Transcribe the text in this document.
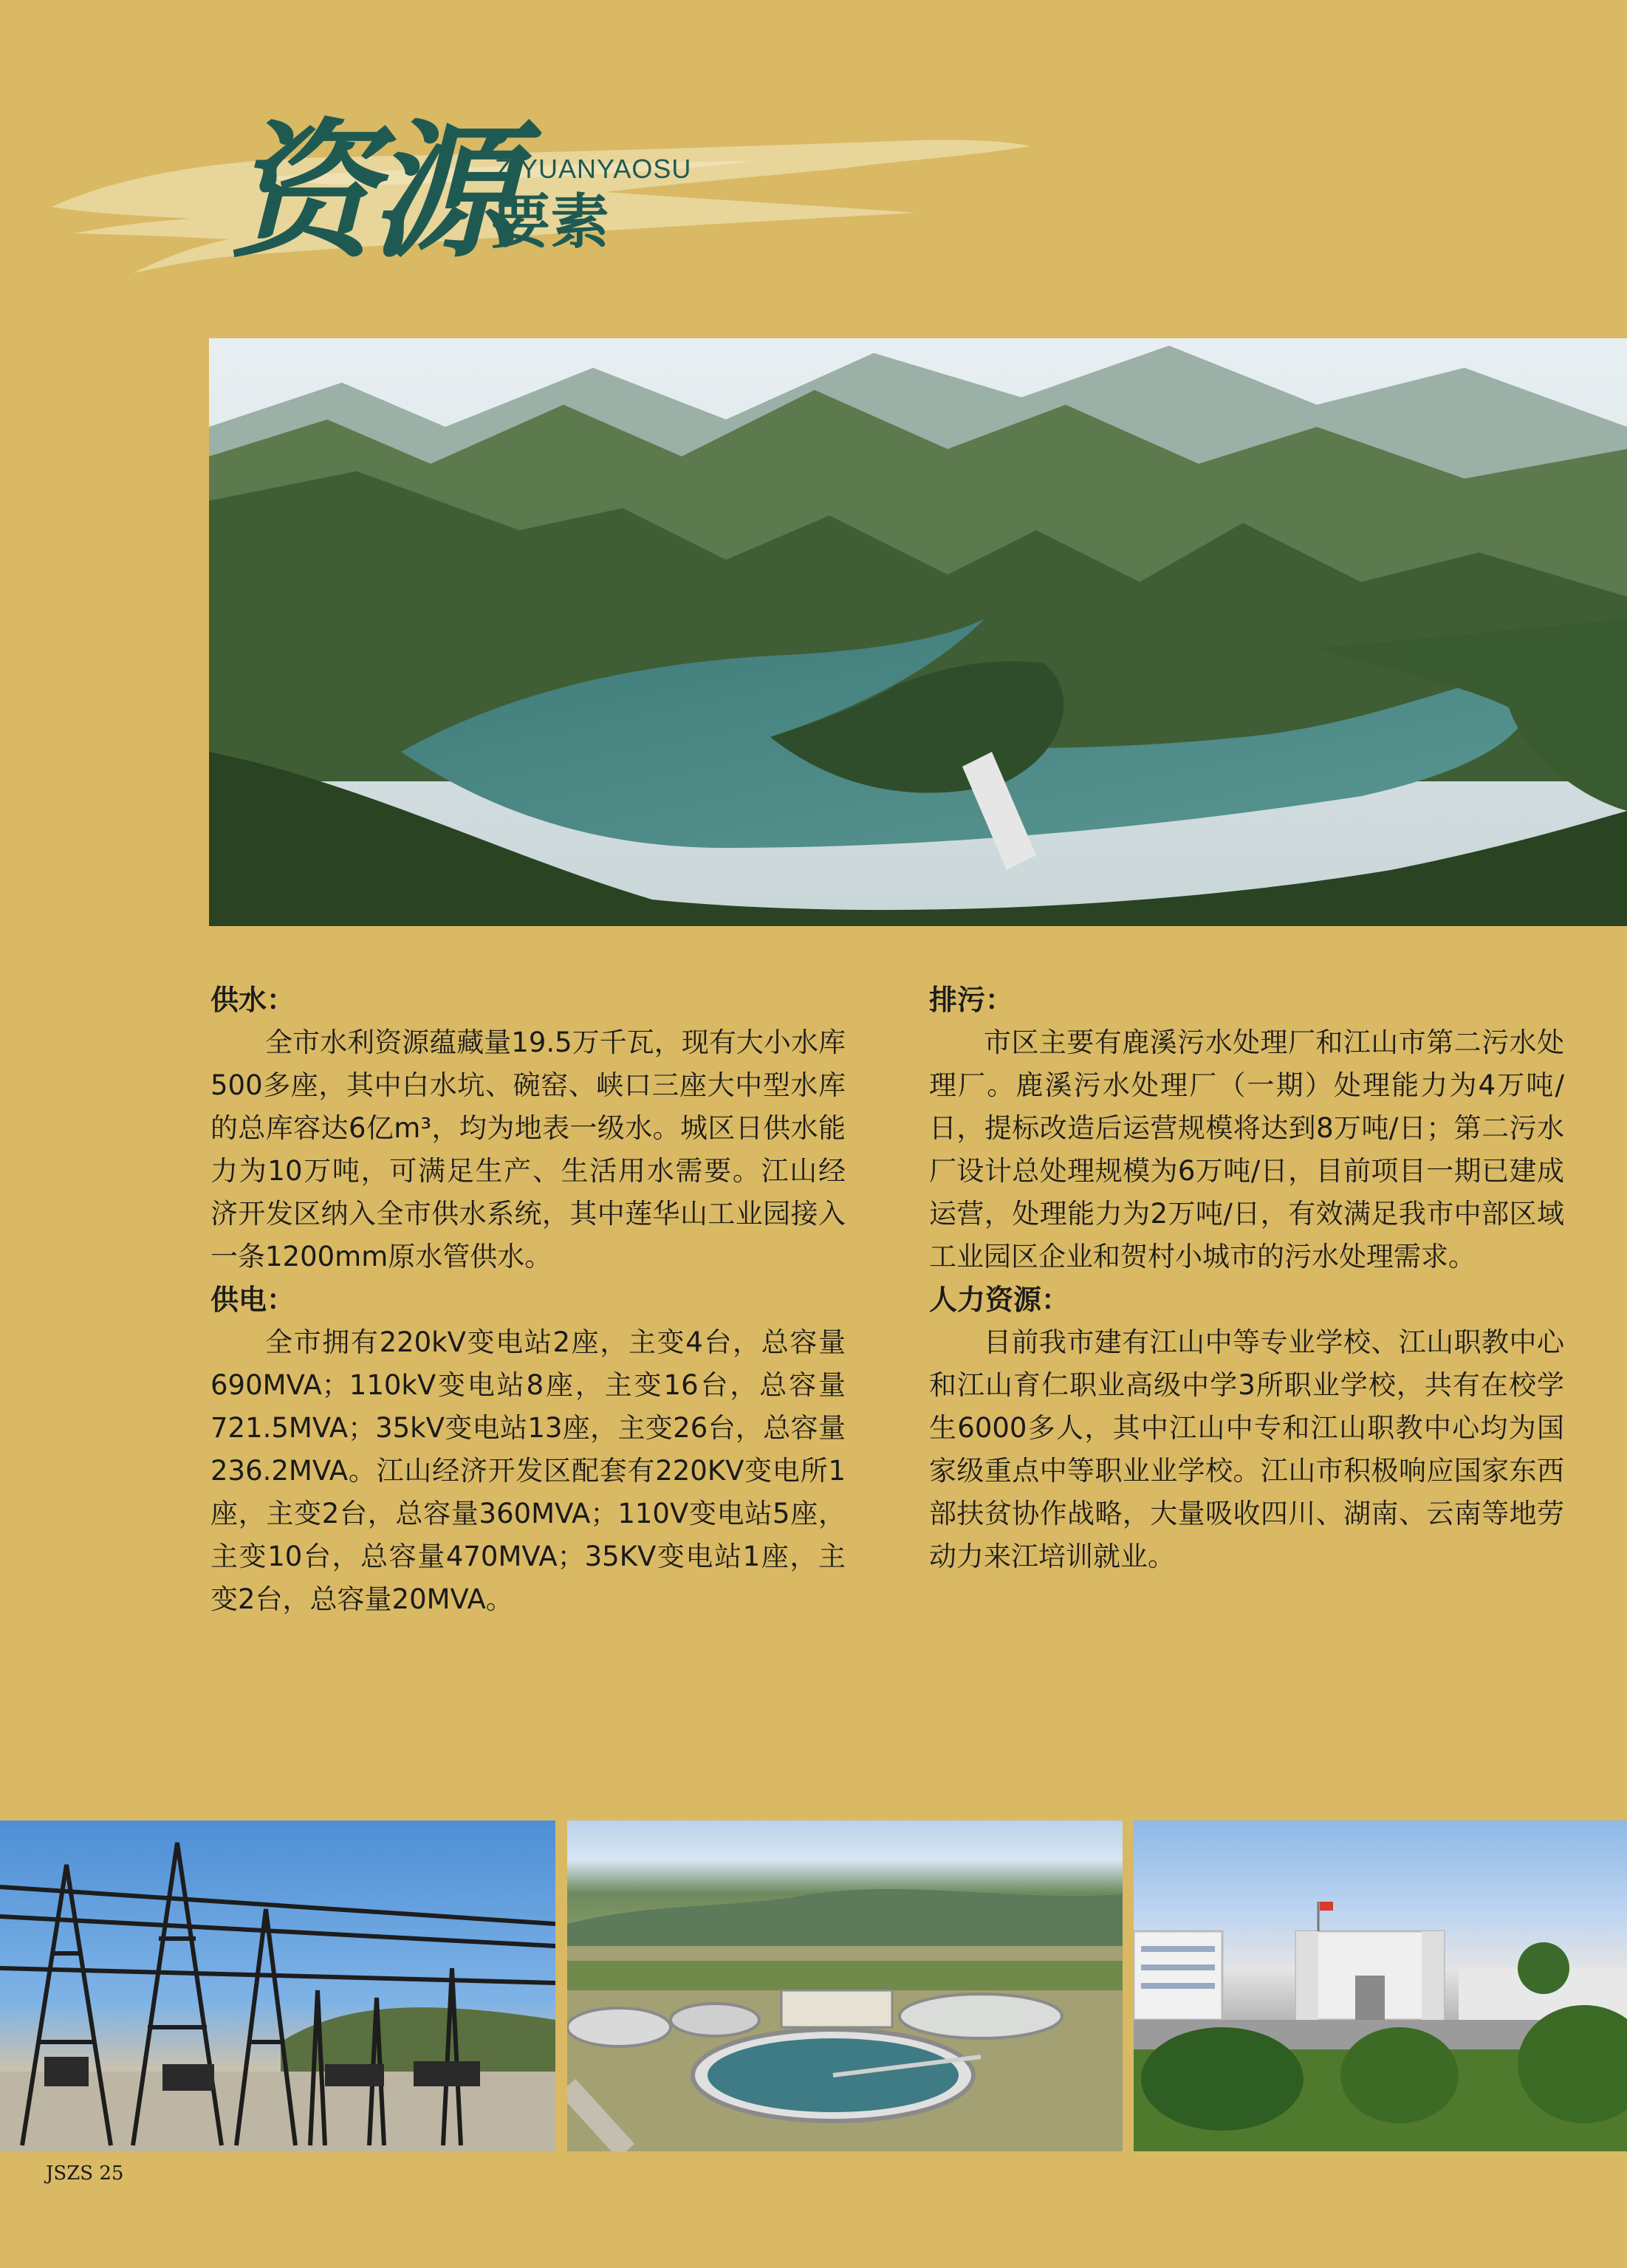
资源
ZIYUANYAOSU
要素

供水：

全市水利资源蕴藏量19.5万千瓦，现有大小水库500多座，其中白水坑、碗窑、峡口三座大中型水库的总库容达6亿m³，均为地表一级水。城区日供水能力为10万吨，可满足生产、生活用水需要。江山经济开发区纳入全市供水系统，其中莲华山工业园接入一条1200mm原水管供水。

供电：

全市拥有220kV变电站2座，主变4台，总容量690MVA；110kV变电站8座，主变16台，总容量721.5MVA；35kV变电站13座，主变26台，总容量236.2MVA。江山经济开发区配套有220KV变电所1座，主变2台，总容量360MVA；110V变电站5座，主变10台，总容量470MVA；35KV变电站1座，主变2台，总容量20MVA。

排污：

市区主要有鹿溪污水处理厂和江山市第二污水处理厂。鹿溪污水处理厂（一期）处理能力为4万吨/日，提标改造后运营规模将达到8万吨/日；第二污水厂设计总处理规模为6万吨/日，目前项目一期已建成运营，处理能力为2万吨/日，有效满足我市中部区域工业园区企业和贺村小城市的污水处理需求。

人力资源：

目前我市建有江山中等专业学校、江山职教中心和江山育仁职业高级中学3所职业学校，共有在校学生6000多人，其中江山中专和江山职教中心均为国家级重点中等职业业学校。江山市积极响应国家东西部扶贫协作战略，大量吸收四川、湖南、云南等地劳动力来江培训就业。

JSZS 25
